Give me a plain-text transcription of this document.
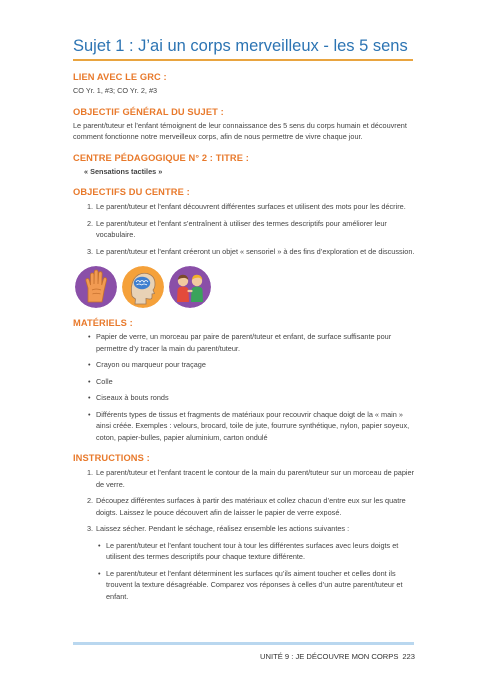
Sujet 1 : J’ai un corps merveilleux - les 5 sens
LIEN AVEC LE GRC :

CO Yr. 1, #3; CO Yr. 2, #3

OBJECTIF GÉNÉRAL DU SUJET :

Le parent/tuteur et l’enfant témoignent de leur connaissance des 5 sens du corps humain et découvrent comment fonctionne notre merveilleux corps, afin de nous permettre de vivre chaque jour.

CENTRE PÉDAGOGIQUE N° 2 : TITRE :

« Sensations tactiles »

OBJECTIFS DU CENTRE :
1. Le parent/tuteur et l’enfant découvrent différentes surfaces et utilisent des mots pour les décrire.
2. Le parent/tuteur et l’enfant s’entraînent à utiliser des termes descriptifs pour améliorer leur vocabulaire.
3. Le parent/tuteur et l’enfant créeront un objet « sensoriel » à des fins d’exploration et de discussion.
MATÉRIELS :
• Papier de verre, un morceau par paire de parent/tuteur et enfant, de surface suffisante pour permettre d’y tracer la main du parent/tuteur.
• Crayon ou marqueur pour traçage
• Colle
• Ciseaux à bouts ronds
• Différents types de tissus et fragments de matériaux pour recouvrir chaque doigt de la « main » ainsi créée. Exemples : velours, brocard, toile de jute, fourrure synthétique, nylon, papier soyeux, coton, papier-bulles, papier aluminium, carton ondulé
INSTRUCTIONS :
1. Le parent/tuteur et l’enfant tracent le contour de la main du parent/tuteur sur un morceau de papier de verre.
2. Découpez différentes surfaces à partir des matériaux et collez chacun d’entre eux sur les quatre doigts. Laissez le pouce découvert afin de laisser le papier de verre exposé.
3. Laissez sécher. Pendant le séchage, réalisez ensemble les actions suivantes :
• Le parent/tuteur et l’enfant touchent tour à tour les différentes surfaces avec leurs doigts et utilisent des termes descriptifs pour chaque texture différente.
• Le parent/tuteur et l’enfant déterminent les surfaces qu’ils aiment toucher et celles dont ils trouvent la texture désagréable. Comparez vos réponses à celles d’un autre parent/tuteur et enfant.
UNITÉ 9 : JE DÉCOUVRE MON CORPS 223
